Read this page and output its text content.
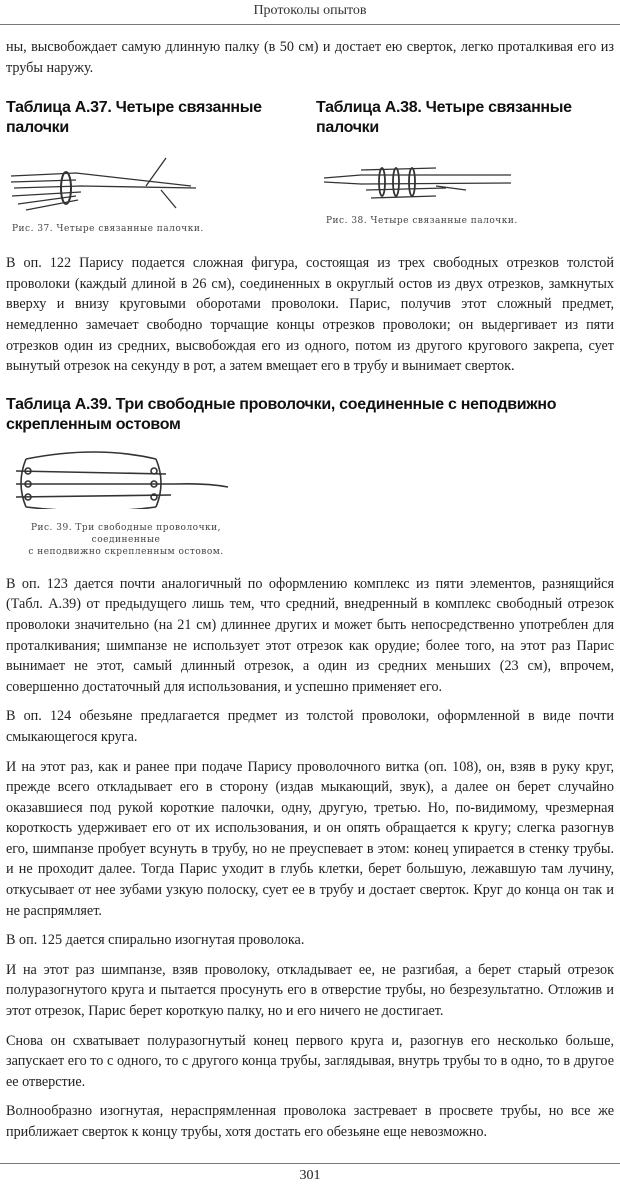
Протоколы опытов

ны, высвобождает самую длинную палку (в 50 см) и достает ею сверток, легко проталкивая его из трубы наружу.

Таблица А.37. Четыре связанные палочки
Рис. 37. Четыре связанные палочки.
Таблица А.38. Четыре связанные палочки
Рис. 38. Четыре связанные палочки.

В оп. 122 Парису подается сложная фигура, состоящая из трех свободных отрезков толстой проволоки (каждый длиной в 26 см), соединенных в округлый остов из двух отрезков, замкнутых вверху и внизу круговыми оборотами проволоки. Парис, получив этот сложный предмет, немедленно замечает свободно торчащие концы отрезков проволоки; он выдергивает из пяти отрезков один из средних, высвобождая его из одного, потом из другого кругового закрепа, сует вынутый отрезок на секунду в рот, а затем вмещает его в трубу и вынимает сверток.

Таблица А.39. Три свободные проволочки, соединенные с неподвижно скрепленным остовом
Рис. 39. Три свободные проволочки, соединенные
с неподвижно скрепленным остовом.

В оп. 123 дается почти аналогичный по оформлению комплекс из пяти элементов, разнящийся (Табл. А.39) от предыдущего лишь тем, что средний, внедренный в комплекс свободный отрезок проволоки значительно (на 21 см) длиннее других и может быть непосредственно употреблен для проталкивания; шимпанзе не использует этот отрезок как орудие; более того, на этот раз Парис вынимает не этот, самый длинный отрезок, а один из средних меньших (23 см), впрочем, совершенно достаточный для использования, и успешно применяет его.

В оп. 124 обезьяне предлагается предмет из толстой проволоки, оформленной в виде почти смыкающегося круга.

И на этот раз, как и ранее при подаче Парису проволочного витка (оп. 108), он, взяв в руку круг, прежде всего откладывает его в сторону (издав мыкающий, звук), а далее он берет случайно оказавшиеся под рукой короткие палочки, одну, другую, третью. Но, по-видимому, чрезмерная короткость удерживает его от их использования, и он опять обращается к кругу; слегка разогнув его, шимпанзе пробует всунуть в трубу, но не преуспевает в этом: конец упирается в стенку трубы. и не проходит далее. Тогда Парис уходит в глубь клетки, берет большую, лежавшую там лучину, откусывает от нее зубами узкую полоску, сует ее в трубу и достает сверток. Круг до конца он так и не распрямляет.

В оп. 125 дается спирально изогнутая проволока.

И на этот раз шимпанзе, взяв проволоку, откладывает ее, не разгибая, а берет старый отрезок полуразогнутого круга и пытается просунуть его в отверстие трубы, но безрезультатно. Отложив и этот отрезок, Парис берет короткую палку, но и его ничего не достигает.

Снова он схватывает полуразогнутый конец первого круга и, разогнув его несколько больше, запускает его то с одного, то с другого конца трубы, заглядывая, внутрь трубы то в одно, то в другое ее отверстие.

Волнообразно изогнутая, нераспрямленная проволока застревает в просвете трубы, но все же приближает сверток к концу трубы, хотя достать его обезьяне еще невозможно.

301
